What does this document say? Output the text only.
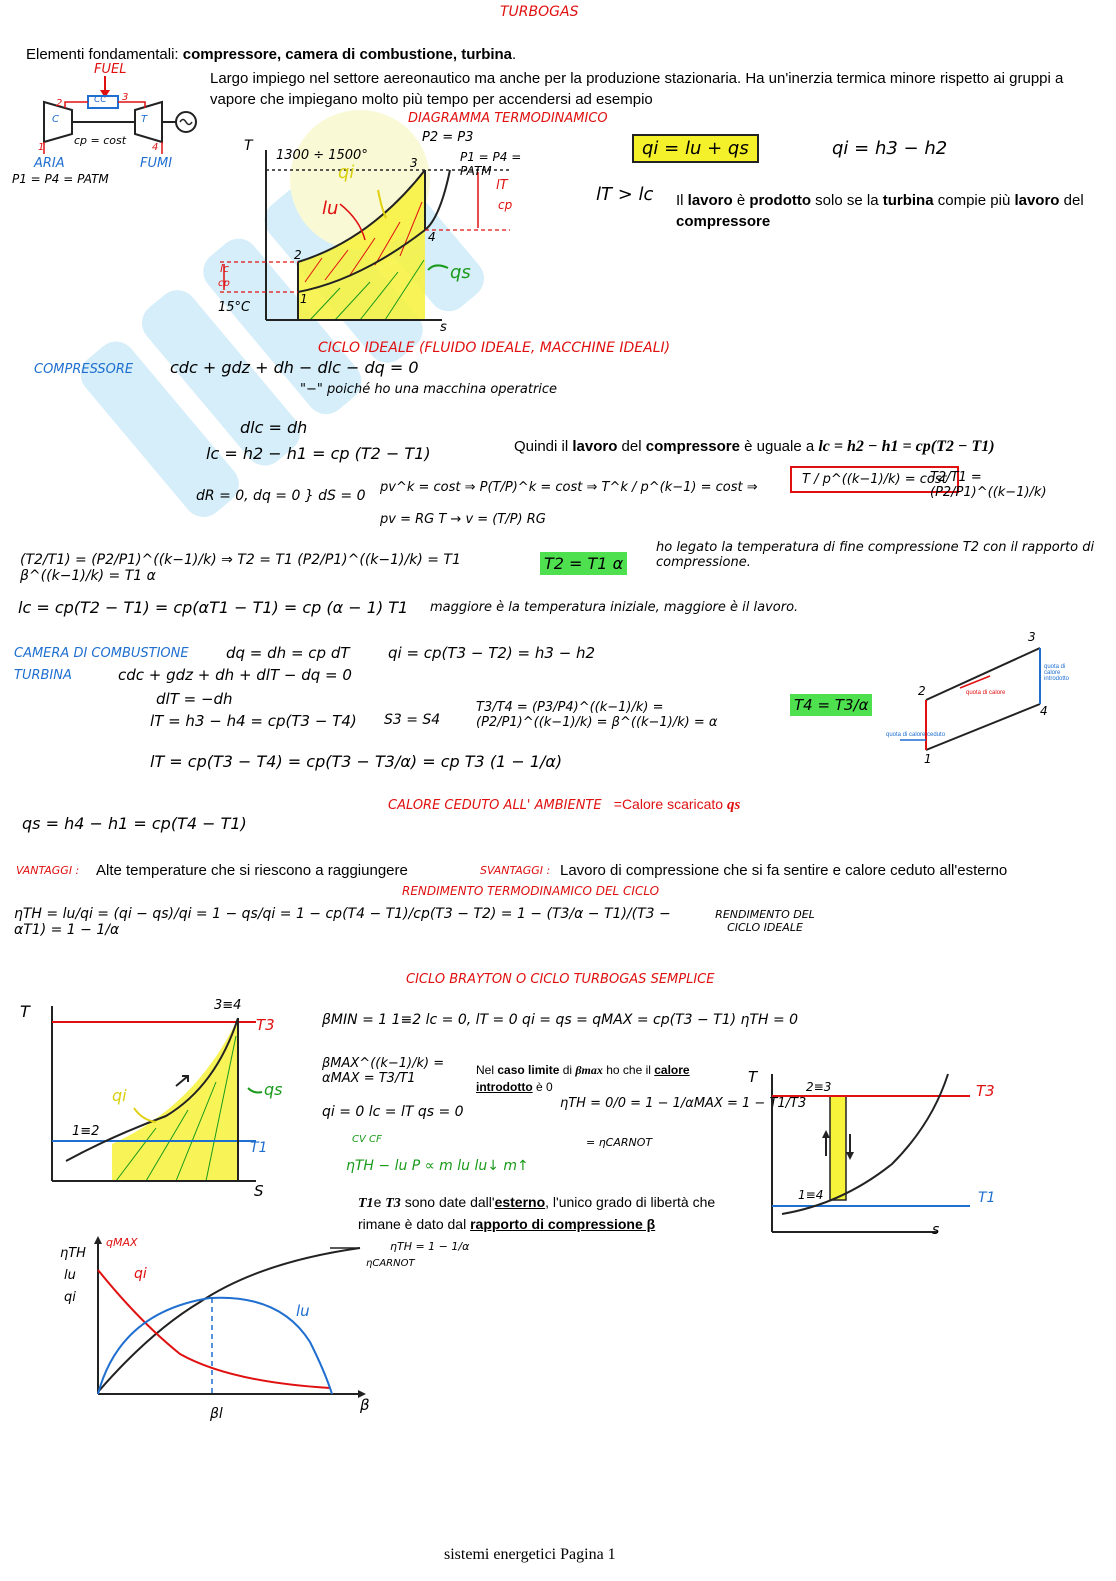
TURBOGAS
Elementi fondamentali: compressore, camera di combustione, turbina.
Largo impiego nel settore aereonautico ma anche per la produzione stazionaria. Ha un'inerzia termica minore rispetto ai gruppi a vapore che impiegano molto più tempo per accendersi ad esempio
FUEL
CC
C	T
cp = cost
1
2
3
4
ARIA	FUMI
P1 = P4 = PATM
DIAGRAMMA TERMODINAMICO
T
s
1300 ÷ 1500°
P2 = P3
P1 = P4 = PATM
qi
lu
qs
lT
cp
lc
cp
15°C
1
2
3
4
qi = lu + qs	qi = h3 − h2
lT > lc Il lavoro è prodotto solo se la turbina compie più lavoro del compressore
CICLO IDEALE (FLUIDO IDEALE, MACCHINE IDEALI)
COMPRESSORE cdc + gdz + dh − dlc − dq = 0
"−" poiché ho una macchina operatrice
dlc = dh
lc = h2 − h1 = cp (T2 − T1)	Quindi il lavoro del compressore è uguale a lc = h2 − h1 = cp(T2 − T1)
dR = 0, dq = 0 } dS = 0
pv^k = cost ⇒ P(T/P)^k = cost ⇒ T^k / p^(k−1) = cost ⇒
pv = RG T → v = (T/P) RG
T / p^((k−1)/k) = cost
T2/T1 = (P2/P1)^((k−1)/k)
(T2/T1) = (P2/P1)^((k−1)/k) ⇒ T2 = T1 (P2/P1)^((k−1)/k) = T1 β^((k−1)/k) = T1 α
T2 = T1 α
ho legato la temperatura di fine compressione T2 con il rapporto di compressione.
lc = cp(T2 − T1) = cp(αT1 − T1) = cp (α − 1) T1 maggiore è la temperatura iniziale, maggiore è il lavoro.
CAMERA DI COMBUSTIONE
TURBINA
dq = dh = cp dT	qi = cp(T3 − T2) = h3 − h2
cdc + gdz + dh + dlT − dq = 0
dlT = −dh
lT = h3 − h4 = cp(T3 − T4) S3 = S4
T3/T4 = (P3/P4)^((k−1)/k) = (P2/P1)^((k−1)/k) = β^((k−1)/k) = α
T4 = T3/α
lT = cp(T3 − T4) = cp(T3 − T3/α) = cp T3 (1 − 1/α)
3
2
4
1
quota di calore ceduto
quota di calore introdotto
quota di calore
CALORE CEDUTO ALL' AMBIENTE =Calore scaricato qs
qs = h4 − h1 = cp(T4 − T1)
VANTAGGI : Alte temperature che si riescono a raggiungere	SVANTAGGI : Lavoro di compressione che si fa sentire e calore ceduto all'esterno
RENDIMENTO TERMODINAMICO DEL CICLO
ηTH = lu/qi = (qi − qs)/qi = 1 − qs/qi = 1 − cp(T4 − T1)/cp(T3 − T2) = 1 − (T3/α − T1)/(T3 − αT1) = 1 − 1/α
RENDIMENTO DEL CICLO IDEALE
CICLO BRAYTON O CICLO TURBOGAS SEMPLICE
T
S
T3
T1
3≡4
1≡2
qi	qs
βMIN = 1 1≡2 lc = 0, lT = 0 qi = qs = qMAX = cp(T3 − T1) ηTH = 0
βMAX^((k−1)/k) = αMAX = T3/T1
Nel caso limite di βmax ho che il calore introdotto è 0
qi = 0 lc = lT qs = 0
ηTH = 0/0 = 1 − 1/αMAX = 1 − T1/T3
= ηCARNOT
CV CF
ηTH − lu P ∝ m lu lu↓ m↑
T1e T3 sono date dall'esterno, l'unico grado di libertà che rimane è dato dal rapporto di compressione β
T
s
T3
T1
2≡3
1≡4
ηTH
lu
qi
qMAX
qi
lu
β
βl
ηCARNOT
ηTH = 1 − 1/α
sistemi energetici Pagina 1
